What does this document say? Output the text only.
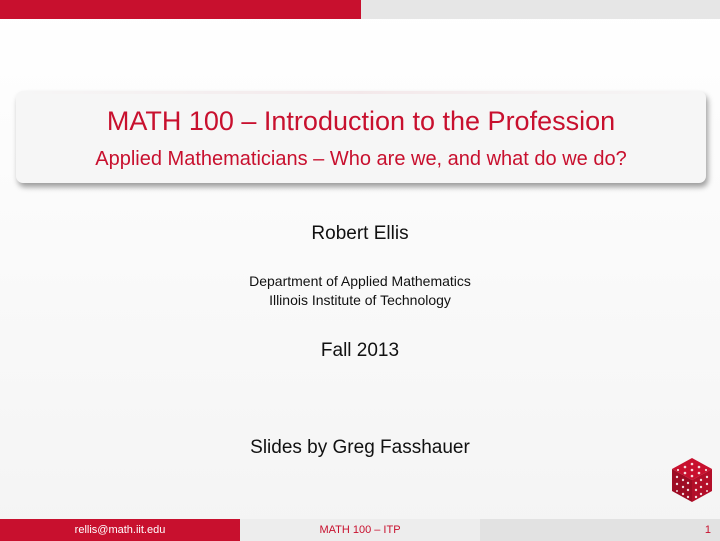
MATH 100 – Introduction to the Profession
Applied Mathematicians – Who are we, and what do we do?

Robert Ellis

Department of Applied Mathematics

Illinois Institute of Technology

Fall 2013

Slides by Greg Fasshauer

rellis@math.iit.edu	MATH 100 – ITP	1
